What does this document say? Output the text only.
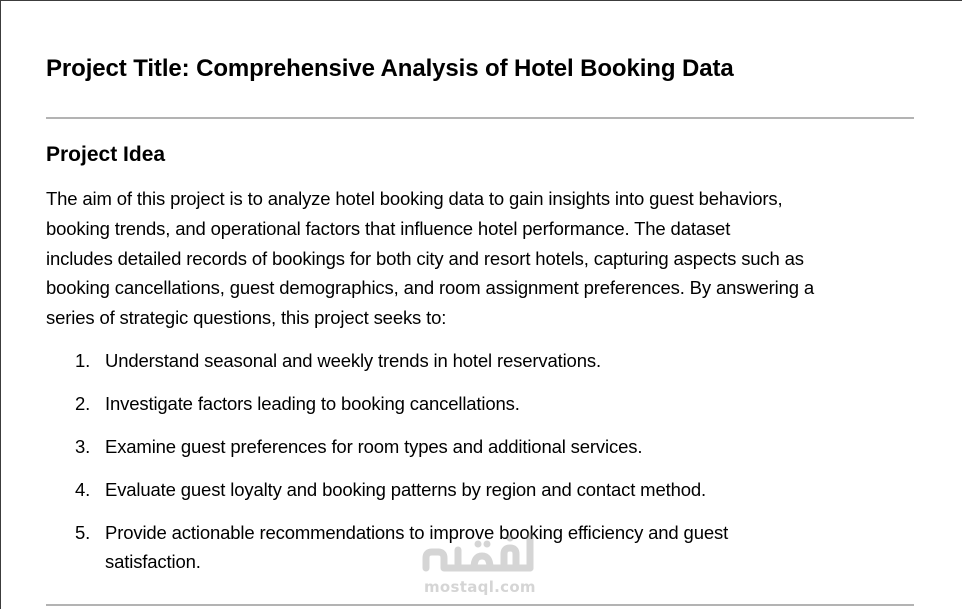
Project Title: Comprehensive Analysis of Hotel Booking Data
Project Idea

The aim of this project is to analyze hotel booking data to gain insights into guest behaviors,
booking trends, and operational factors that influence hotel performance. The dataset
includes detailed records of bookings for both city and resort hotels, capturing aspects such as
booking cancellations, guest demographics, and room assignment preferences. By answering a
series of strategic questions, this project seeks to:

1. Understand seasonal and weekly trends in hotel reservations.
2. Investigate factors leading to booking cancellations.
3. Examine guest preferences for room types and additional services.
4. Evaluate guest loyalty and booking patterns by region and contact method.
5. Provide actionable recommendations to improve booking efficiency and guest
satisfaction.
mostaql.com
